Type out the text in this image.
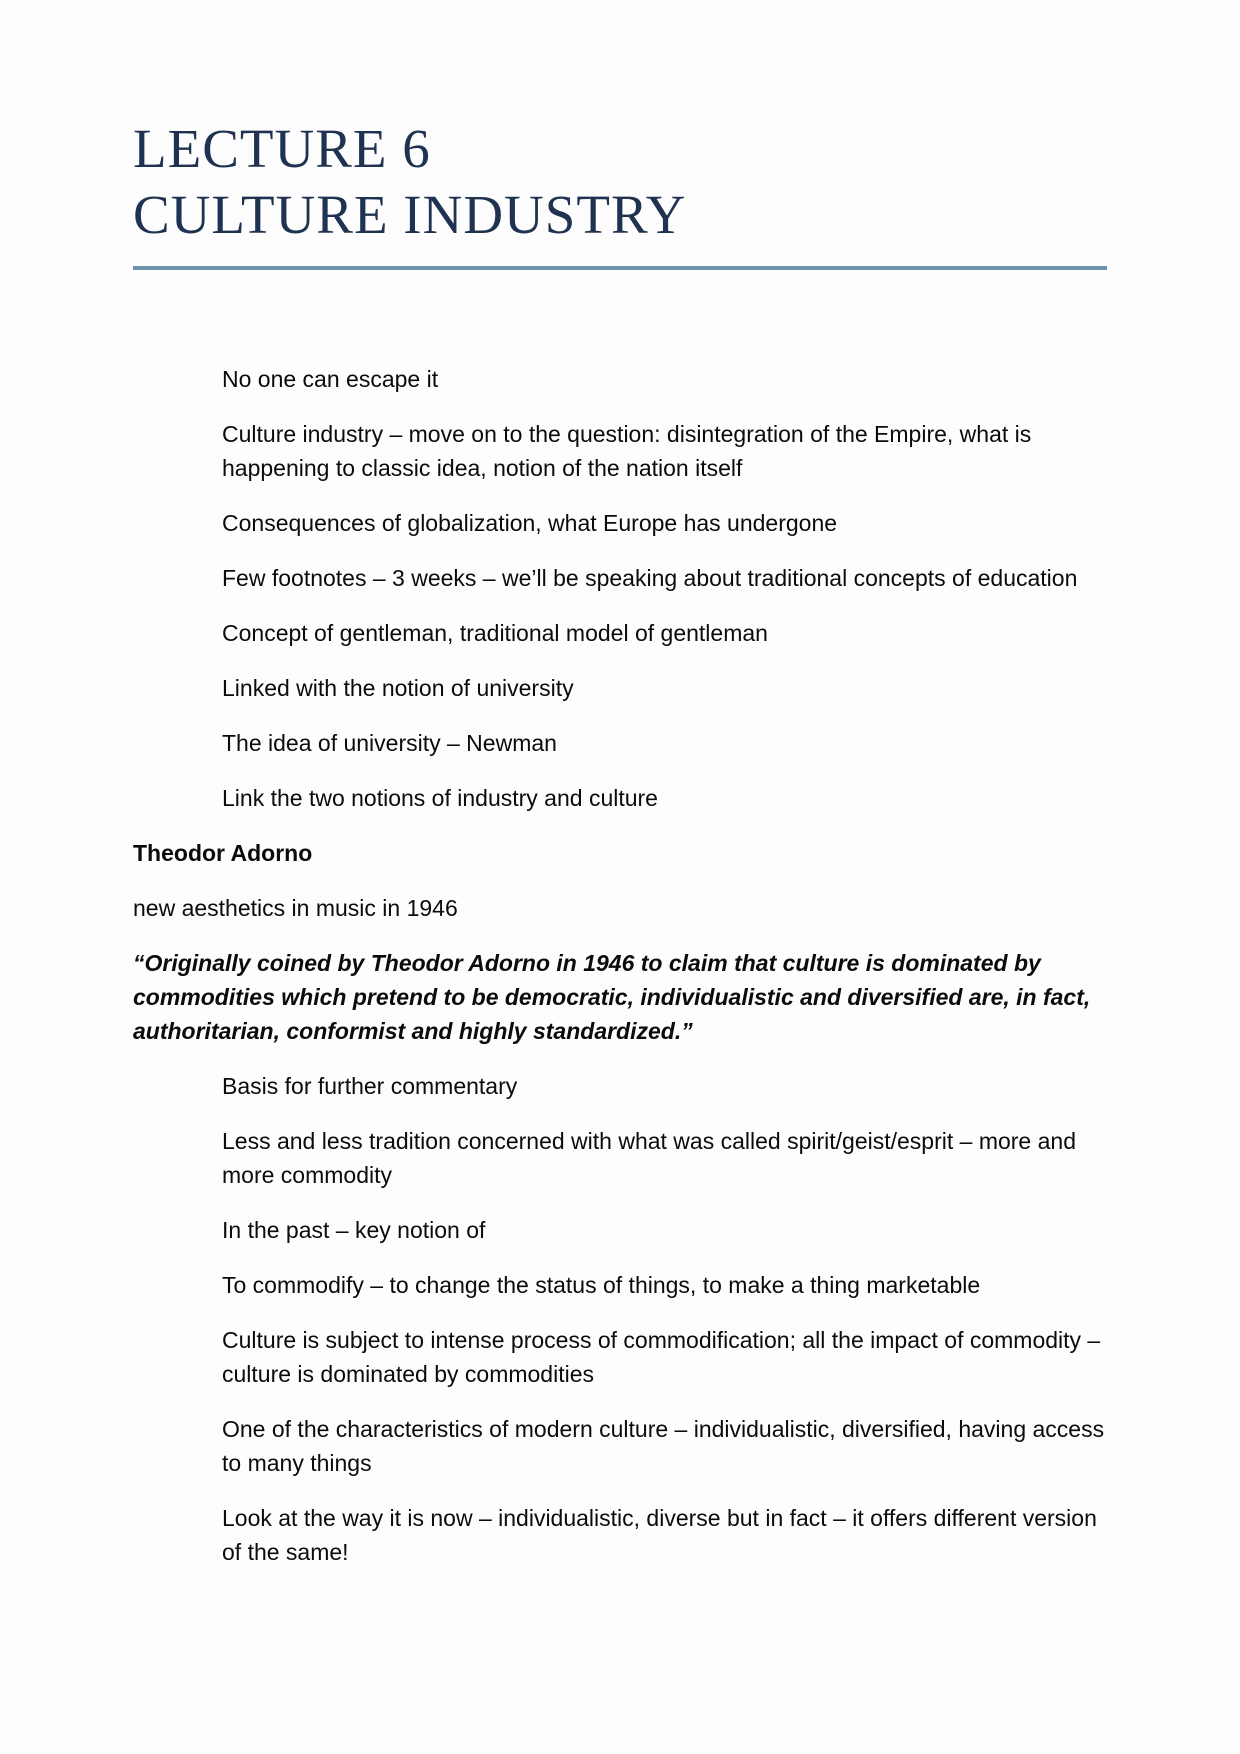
LECTURE 6
CULTURE INDUSTRY

No one can escape it

Culture industry – move on to the question: disintegration of the Empire, what is happening to classic idea, notion of the nation itself

Consequences of globalization, what Europe has undergone

Few footnotes – 3 weeks – we’ll be speaking about traditional concepts of education

Concept of gentleman, traditional model of gentleman

Linked with the notion of university

The idea of university – Newman

Link the two notions of industry and culture

Theodor Adorno

new aesthetics in music in 1946

“Originally coined by Theodor Adorno in 1946 to claim that culture is dominated by commodities which pretend to be democratic, individualistic and diversified are, in fact, authoritarian, conformist and highly standardized.”

Basis for further commentary

Less and less tradition concerned with what was called spirit/geist/esprit – more and more commodity

In the past – key notion of

To commodify – to change the status of things, to make a thing marketable

Culture is subject to intense process of commodification; all the impact of commodity – culture is dominated by commodities

One of the characteristics of modern culture – individualistic, diversified, having access to many things

Look at the way it is now – individualistic, diverse but in fact – it offers different version of the same!
